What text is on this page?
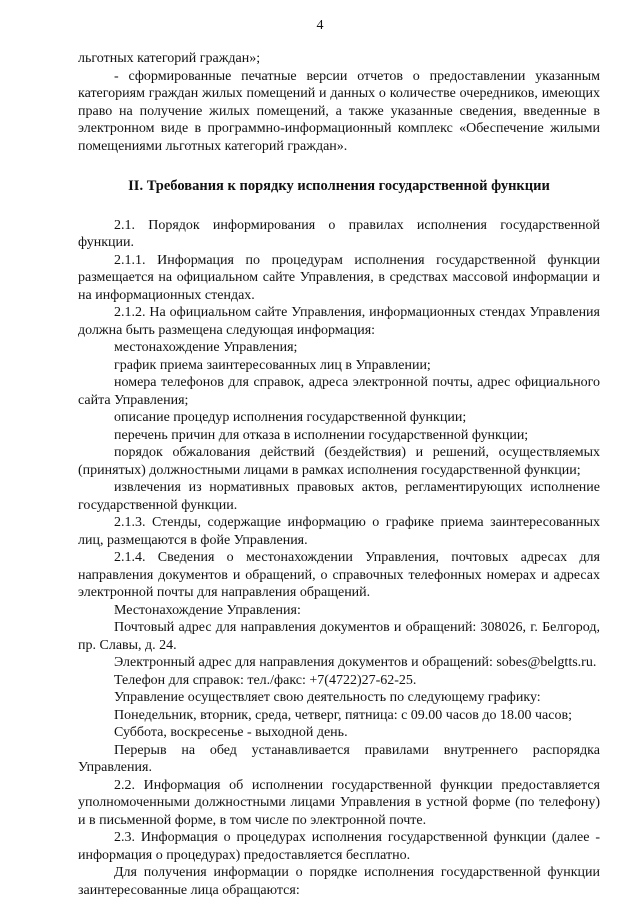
4

льготных категорий граждан»;

- сформированные печатные версии отчетов о предоставлении указанным категориям граждан жилых помещений и данных о количестве очередников, имеющих право на получение жилых помещений, а также указанные сведения, введенные в электронном виде в программно-информационный комплекс «Обеспечение жилыми помещениями льготных категорий граждан».

II. Требования к порядку исполнения государственной функции

2.1. Порядок информирования о правилах исполнения государственной функции.

2.1.1. Информация по процедурам исполнения государственной функции размещается на официальном сайте Управления, в средствах массовой информации и на информационных стендах.

2.1.2. На официальном сайте Управления, информационных стендах Управления должна быть размещена следующая информация:

местонахождение Управления;

график приема заинтересованных лиц в Управлении;

номера телефонов для справок, адреса электронной почты, адрес официального сайта Управления;

описание процедур исполнения государственной функции;

перечень причин для отказа в исполнении государственной функции;

порядок обжалования действий (бездействия) и решений, осуществляемых (принятых) должностными лицами в рамках исполнения государственной функции;

извлечения из нормативных правовых актов, регламентирующих исполнение государственной функции.

2.1.3. Стенды, содержащие информацию о графике приема заинтересованных лиц, размещаются в фойе Управления.

2.1.4. Сведения о местонахождении Управления, почтовых адресах для направления документов и обращений, о справочных телефонных номерах и адресах электронной почты для направления обращений.

Местонахождение Управления:

Почтовый адрес для направления документов и обращений: 308026, г. Белгород, пр. Славы, д. 24.

Электронный адрес для направления документов и обращений: sobes@belgtts.ru.

Телефон для справок: тел./факс: +7(4722)27-62-25.

Управление осуществляет свою деятельность по следующему графику:

Понедельник, вторник, среда, четверг, пятница: с 09.00 часов до 18.00 часов;

Суббота, воскресенье - выходной день.

Перерыв на обед устанавливается правилами внутреннего распорядка Управления.

2.2. Информация об исполнении государственной функции предоставляется уполномоченными должностными лицами Управления в устной форме (по телефону) и в письменной форме, в том числе по электронной почте.

2.3. Информация о процедурах исполнения государственной функции (далее - информация о процедурах) предоставляется бесплатно.

Для получения информации о порядке исполнения государственной функции заинтересованные лица обращаются:
